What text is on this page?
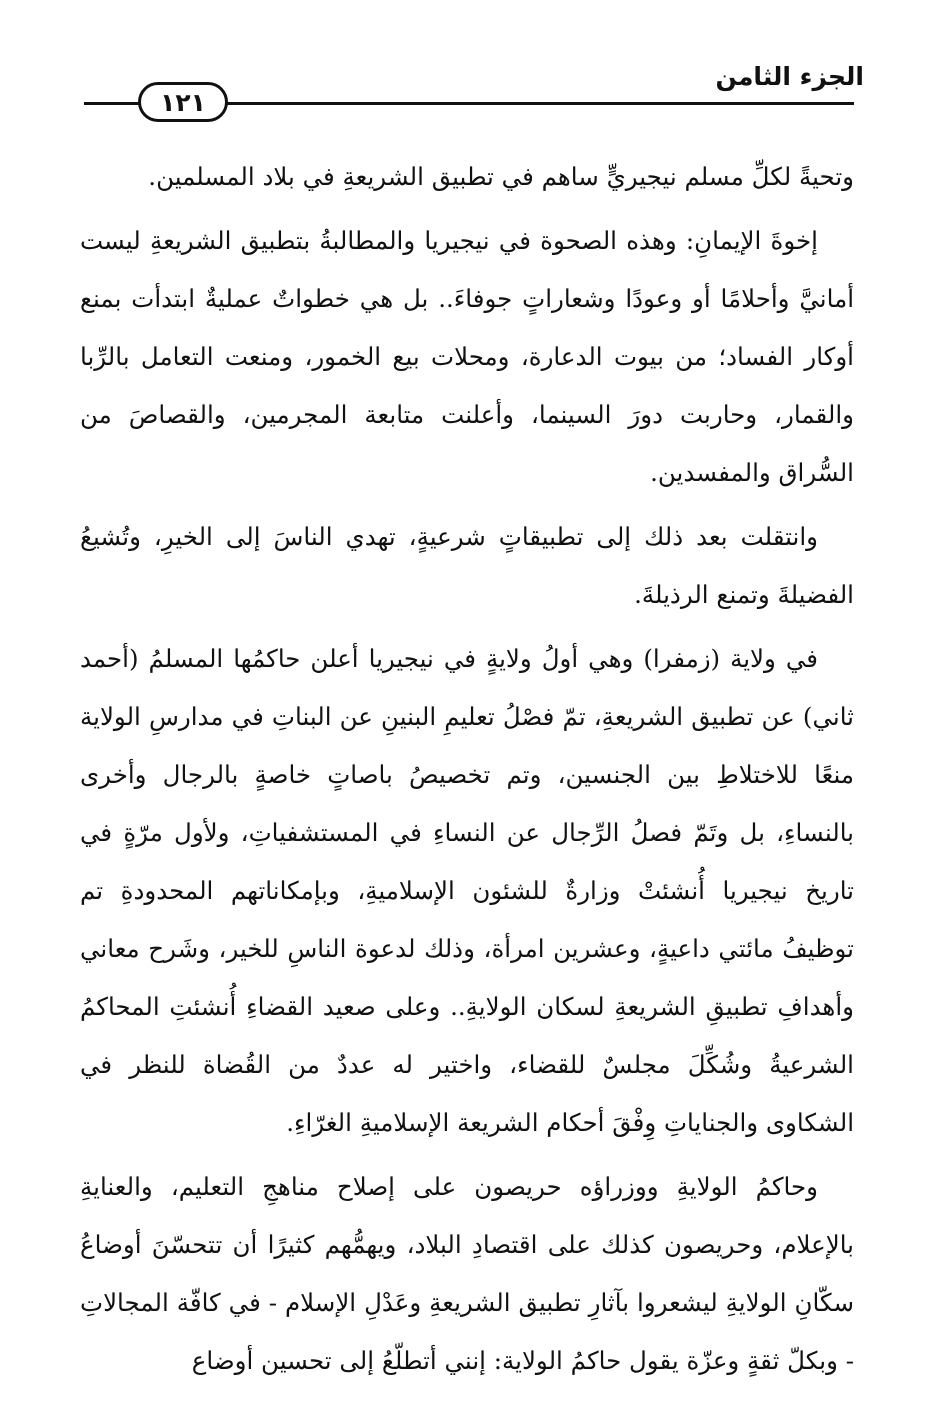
الجزء الثامن
١٢١

وتحيةً لكلِّ مسلم نيجيريٍّ ساهم في تطبيق الشريعةِ في بلاد المسلمين.

إخوةَ الإيمانِ: وهذه الصحوة في نيجيريا والمطالبةُ بتطبيق الشريعةِ ليست أمانيَّ وأحلامًا أو وعودًا وشعاراتٍ جوفاءَ.. بل هي خطواتٌ عمليةٌ ابتدأت بمنع أوكار الفساد؛ من بيوت الدعارة، ومحلات بيع الخمور، ومنعت التعامل بالرِّبا والقمار، وحاربت دورَ السينما، وأعلنت متابعة المجرمين، والقصاصَ من السُّراق والمفسدين.

وانتقلت بعد ذلك إلى تطبيقاتٍ شرعيةٍ، تهدي الناسَ إلى الخيرِ، وتُشيعُ الفضيلةَ وتمنع الرذيلةَ.

في ولاية (زمفرا) وهي أولُ ولايةٍ في نيجيريا أعلن حاكمُها المسلمُ (أحمد ثاني) عن تطبيق الشريعةِ، تمّ فصْلُ تعليمِ البنينِ عن البناتِ في مدارسِ الولاية منعًا للاختلاطِ بين الجنسين، وتم تخصيصُ باصاتٍ خاصةٍ بالرجال وأخرى بالنساءِ، بل وتَمّ فصلُ الرِّجال عن النساءِ في المستشفياتِ، ولأول مرّةٍ في تاريخ نيجيريا أُنشئتْ وزارةٌ للشئون الإسلاميةِ، وبإمكاناتهم المحدودةِ تم توظيفُ مائتي داعيةٍ، وعشرين امرأة، وذلك لدعوة الناسِ للخير، وشَرح معاني وأهدافِ تطبيقِ الشريعةِ لسكان الولايةِ.. وعلى صعيد القضاءِ أُنشئتِ المحاكمُ الشرعيةُ وشُكِّلَ مجلسٌ للقضاء، واختير له عددٌ من القُضاة للنظر في الشكاوى والجناياتِ وِفْقَ أحكام الشريعة الإسلاميةِ الغرّاءِ.

وحاكمُ الولايةِ ووزراؤه حريصون على إصلاح مناهجِ التعليم، والعنايةِ بالإعلام، وحريصون كذلك على اقتصادِ البلاد، ويهمُّهم كثيرًا أن تتحسّنَ أوضاعُ سكّانِ الولايةِ ليشعروا بآثارِ تطبيق الشريعةِ وعَدْلِ الإسلام - في كافّة المجالاتِ - وبكلّ ثقةٍ وعزّة يقول حاكمُ الولاية: إنني أتطلّعُ إلى تحسين أوضاع
